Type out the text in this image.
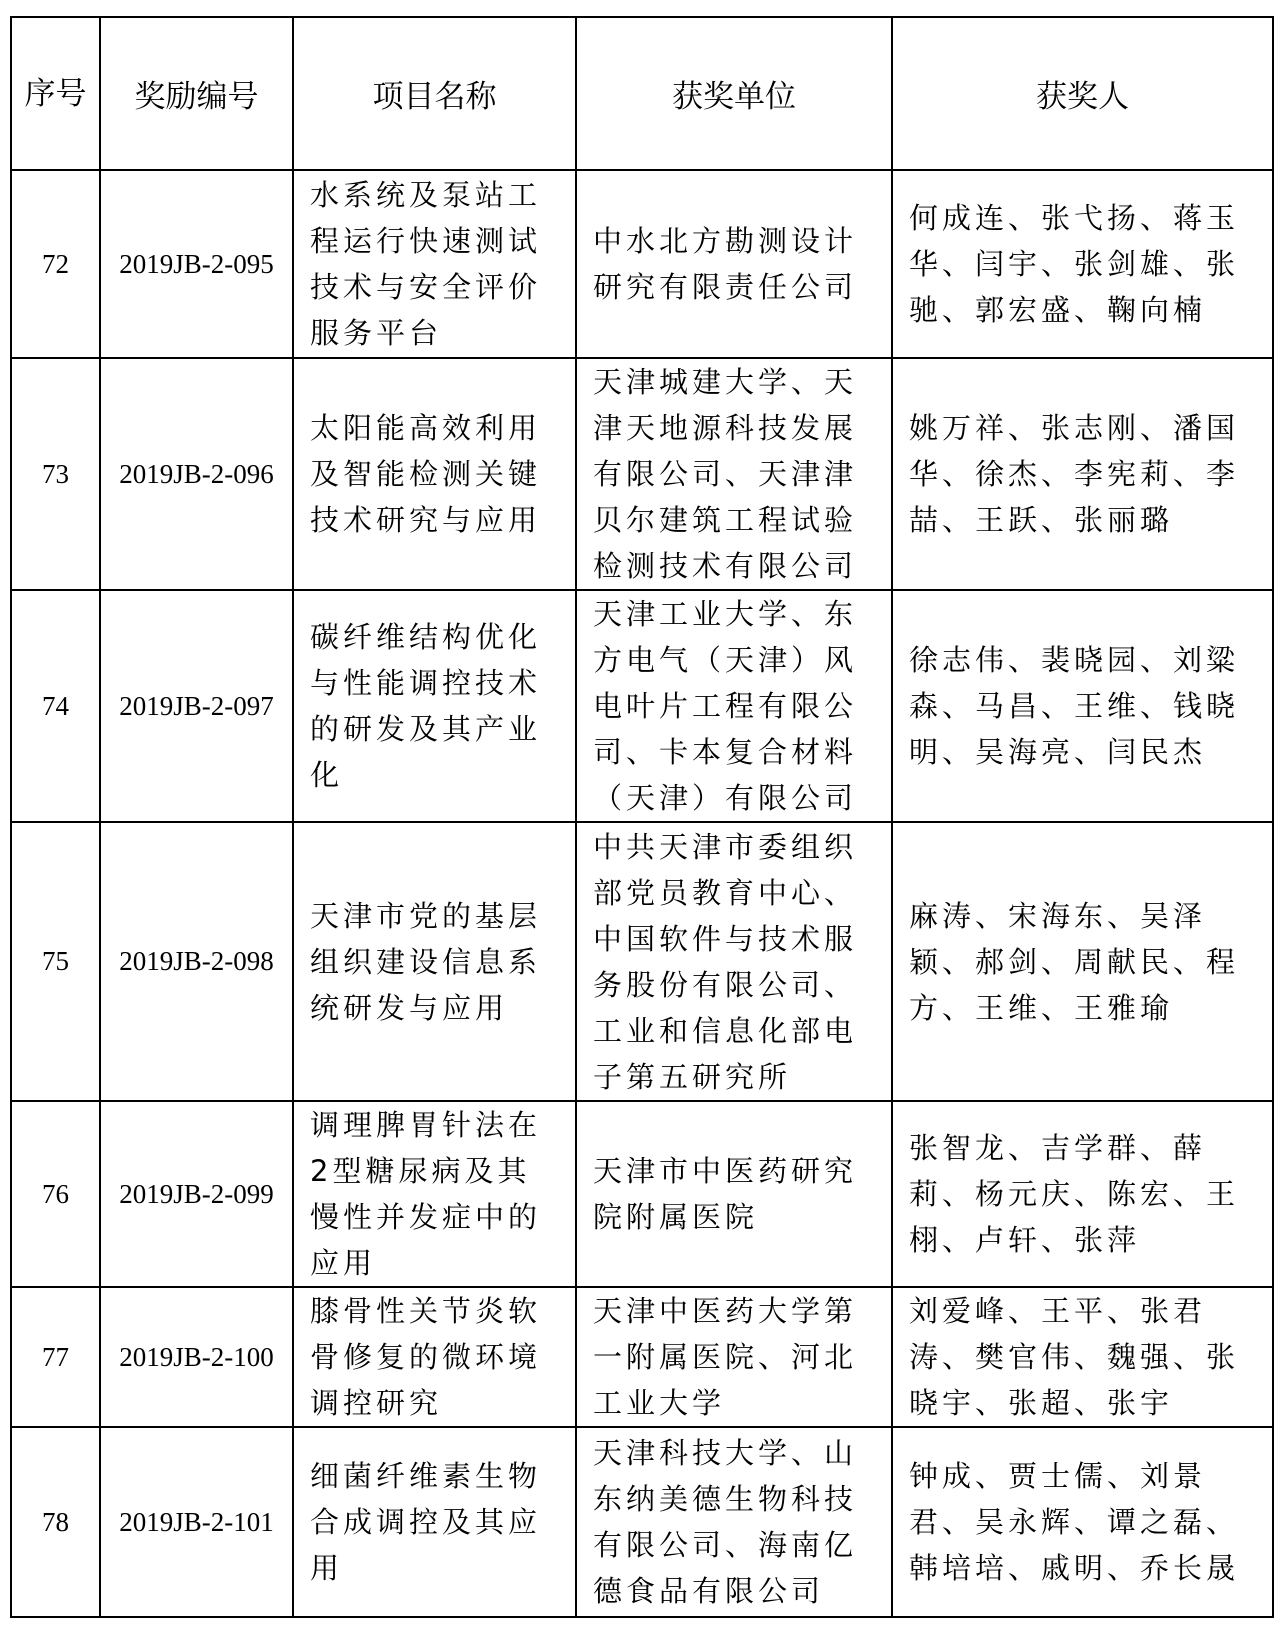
序号	奖励编号	项目名称	获奖单位	获奖人
72	2019JB-2-095	水系统及泵站工程运行快速测试技术与安全评价服务平台	中水北方勘测设计研究有限责任公司	何成连、张弋扬、蒋玉华、闫宇、张剑雄、张驰、郭宏盛、鞠向楠
73	2019JB-2-096	太阳能高效利用及智能检测关键技术研究与应用	天津城建大学、天津天地源科技发展有限公司、天津津贝尔建筑工程试验检测技术有限公司	姚万祥、张志刚、潘国华、徐杰、李宪莉、李喆、王跃、张丽璐
74	2019JB-2-097	碳纤维结构优化与性能调控技术的研发及其产业化	天津工业大学、东方电气（天津）风电叶片工程有限公司、卡本复合材料（天津）有限公司	徐志伟、裴晓园、刘粱森、马昌、王维、钱晓明、吴海亮、闫民杰
75	2019JB-2-098	天津市党的基层组织建设信息系统研发与应用	中共天津市委组织部党员教育中心、中国软件与技术服务股份有限公司、工业和信息化部电子第五研究所	麻涛、宋海东、吴泽颖、郝剑、周献民、程方、王维、王雅瑜
76	2019JB-2-099	调理脾胃针法在2型糖尿病及其慢性并发症中的应用	天津市中医药研究院附属医院	张智龙、吉学群、薛莉、杨元庆、陈宏、王栩、卢轩、张萍
77	2019JB-2-100	膝骨性关节炎软骨修复的微环境调控研究	天津中医药大学第一附属医院、河北工业大学	刘爱峰、王平、张君涛、樊官伟、魏强、张晓宇、张超、张宇
78	2019JB-2-101	细菌纤维素生物合成调控及其应用	天津科技大学、山东纳美德生物科技有限公司、海南亿德食品有限公司	钟成、贾士儒、刘景君、吴永辉、谭之磊、韩培培、戚明、乔长晟
